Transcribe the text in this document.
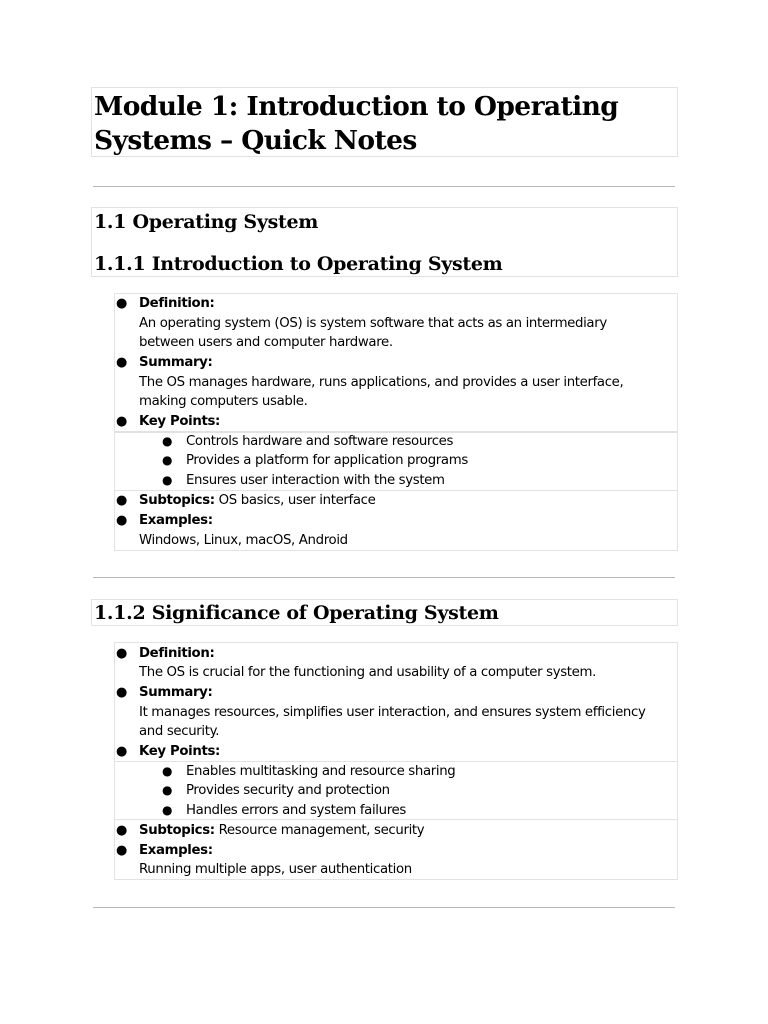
Module 1: Introduction to Operating Systems – Quick Notes
1.1 Operating System
1.1.1 Introduction to Operating System
● Definition:
An operating system (OS) is system software that acts as an intermediary
between users and computer hardware.
● Summary:
The OS manages hardware, runs applications, and provides a user interface,
making computers usable.
● Key Points:
● Controls hardware and software resources
● Provides a platform for application programs
● Ensures user interaction with the system
● Subtopics: OS basics, user interface
● Examples:
Windows, Linux, macOS, Android
1.1.2 Significance of Operating System
● Definition:
The OS is crucial for the functioning and usability of a computer system.
● Summary:
It manages resources, simplifies user interaction, and ensures system efficiency
and security.
● Key Points:
● Enables multitasking and resource sharing
● Provides security and protection
● Handles errors and system failures
● Subtopics: Resource management, security
● Examples:
Running multiple apps, user authentication
